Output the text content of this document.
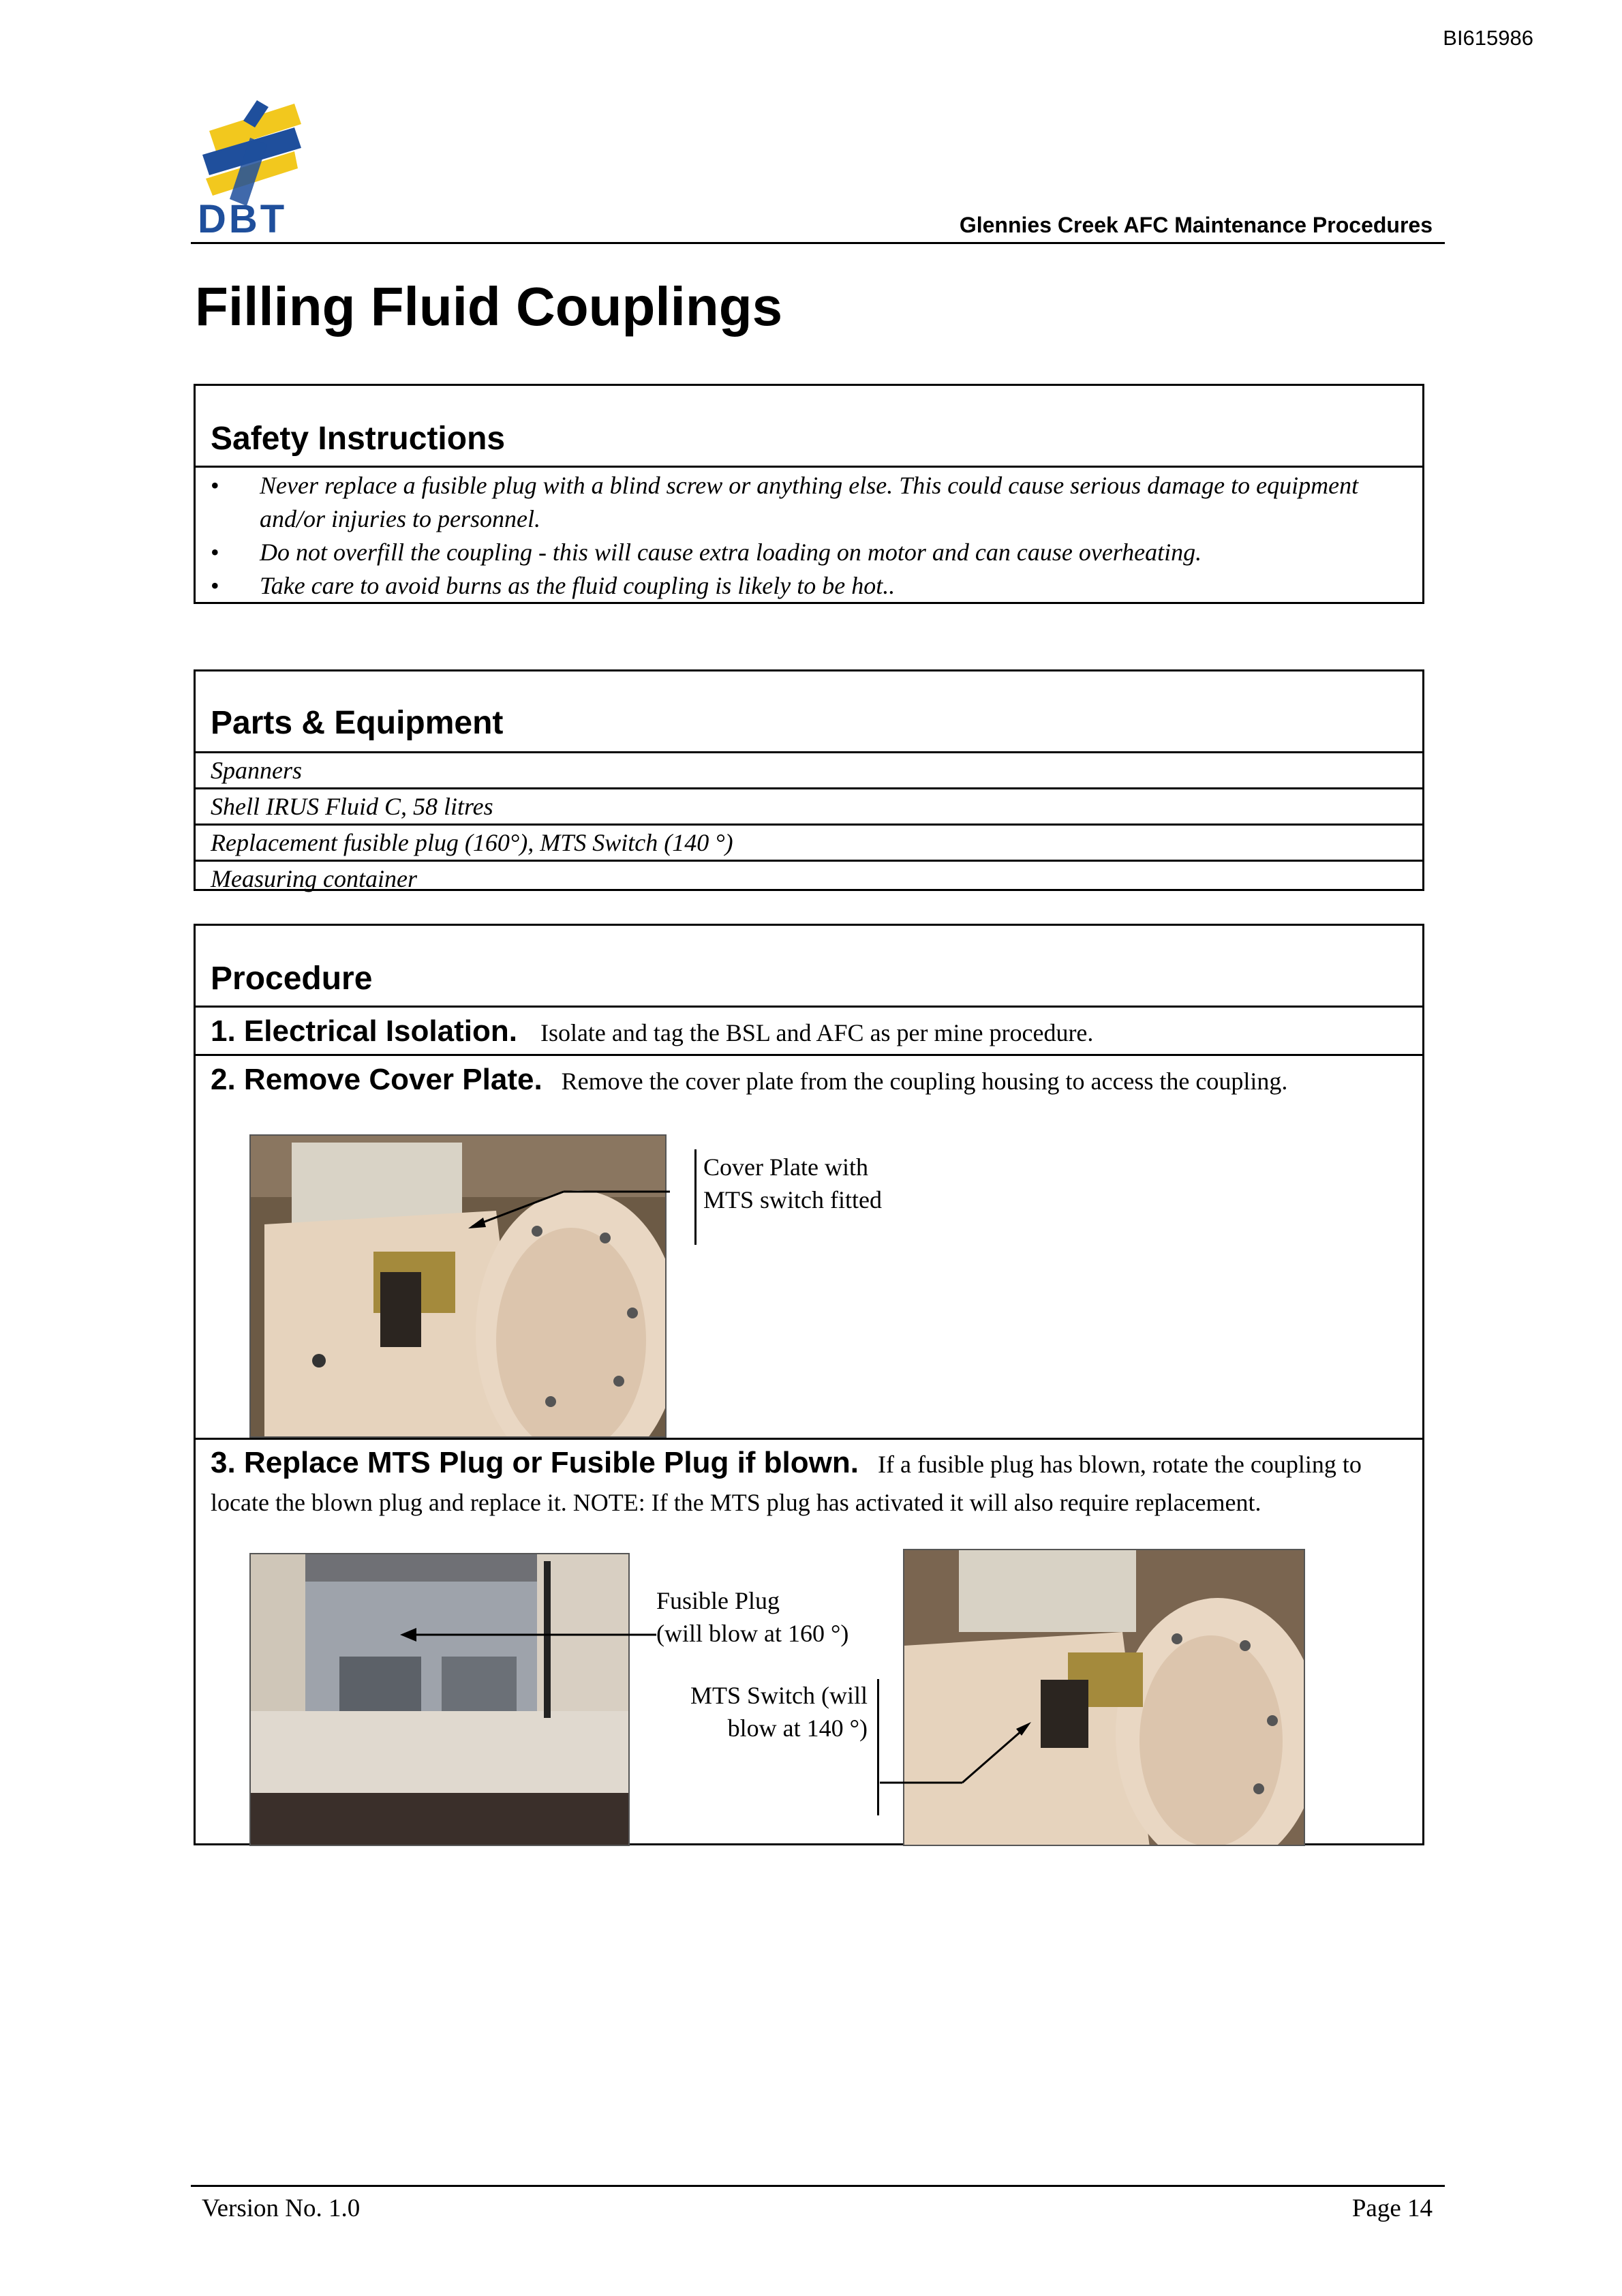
BI615986
DBT	Glennies Creek AFC Maintenance Procedures
Filling Fluid Couplings
Safety Instructions
• Never replace a fusible plug with a blind screw or anything else. This could cause serious damage to equipment and/or injuries to personnel.
• Do not overfill the coupling - this will cause extra loading on motor and can cause overheating.
• Take care to avoid burns as the fluid coupling is likely to be hot..
Parts & Equipment
Spanners
Shell IRUS Fluid C, 58 litres
Replacement fusible plug (160°), MTS Switch (140 °)
Measuring container
Procedure
1. Electrical Isolation. Isolate and tag the BSL and AFC as per mine procedure.
2. Remove Cover Plate. Remove the cover plate from the coupling housing to access the coupling.
Cover Plate with
MTS switch fitted
3. Replace MTS Plug or Fusible Plug if blown. If a fusible plug has blown, rotate the coupling to locate the blown plug and replace it. NOTE: If the MTS plug has activated it will also require replacement.
Fusible Plug
(will blow at 160 °)
MTS Switch (will
blow at 140 °)
Version No. 1.0	Page 14
